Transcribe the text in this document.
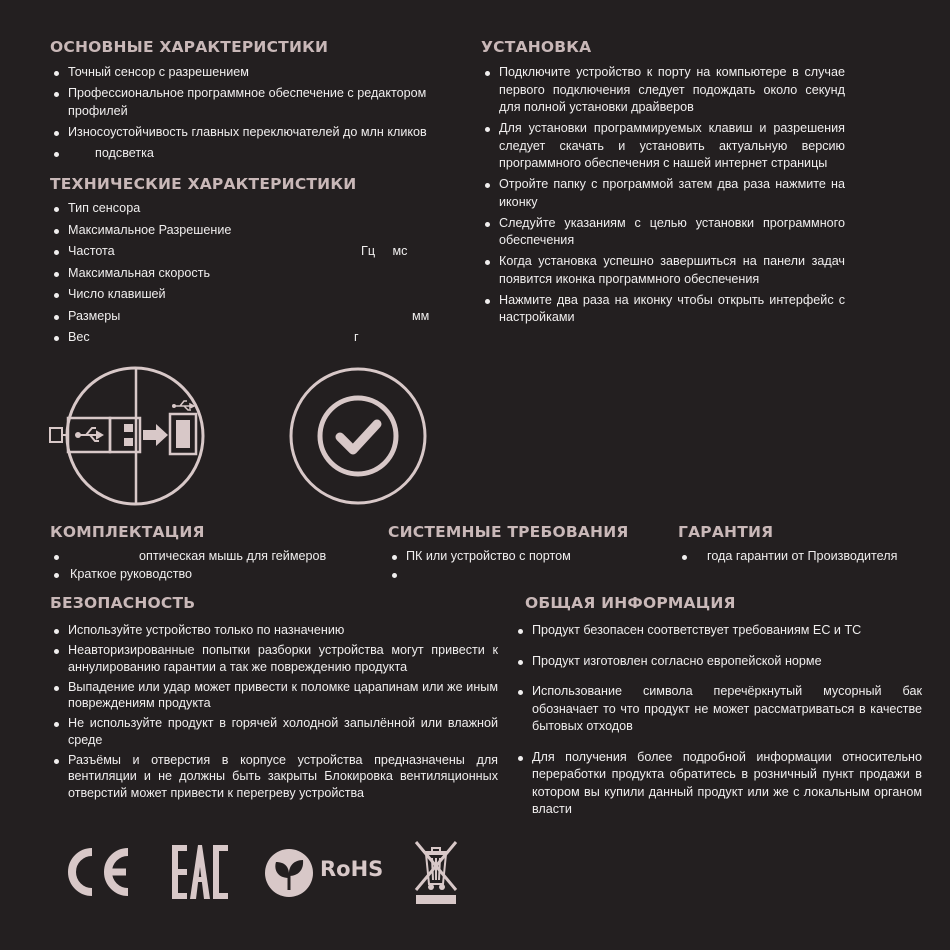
ОСНОВНЫЕ ХАРАКТЕРИСТИКИ
Точный сенсор с разрешением
Профессиональное программное обеспечение с редактором профилей
Износоустойчивость главных переключателей до млн кликов
подсветка
ТЕХНИЧЕСКИЕ ХАРАКТЕРИСТИКИ
Тип сенсора
Максимальное Разрешение
Частота	Гц     мс
Максимальная скорость
Число клавишей
Размеры	мм
Вес	г
УСТАНОВКА
Подключите устройство к порту на компьютере в случае первого подключения следует подождать около секунд для полной установки драйверов
Для установки программируемых клавиш и разрешения следует скачать и установить актуальную версию программного обеспечения с нашей интернет страницы
Отройте папку с программой затем два раза нажмите на иконку
Следуйте указаниям с целью установки программного обеспечения
Когда установка успешно завершиться на панели задач появится иконка программного обеспечения
Нажмите два раза на иконку чтобы открыть интерфейс с настройками
КОМПЛЕКТАЦИЯ
оптическая мышь для геймеров
Краткое руководство
СИСТЕМНЫЕ ТРЕБОВАНИЯ
ПК или устройство с портом

ГАРАНТИЯ
года гарантии от Производителя
БЕЗОПАСНОСТЬ
Используйте устройство только по назначению
Неавторизированные попытки разборки устройства могут привести к аннулированию гарантии а так же повреждению продукта
Выпадение или удар может привести к поломке царапинам или же иным повреждениям продукта
Не используйте продукт в горячей холодной запылённой или влажной среде
Разъёмы и отверстия в корпусе устройства предназначены для вентиляции и не должны быть закрыты Блокировка вентиляционных отверстий может привести к перегреву устройства
ОБЩАЯ ИНФОРМАЦИЯ
Продукт безопасен соответствует требованиям ЕС и ТС
Продукт изготовлен согласно европейской норме
Использование символа перечёркнутый мусорный бак обозначает то что продукт не может рассматриваться в качестве бытовых отходов
Для получения более подробной информации относительно переработки продукта обратитесь в розничный пункт продажи в котором вы купили данный продукт или же с локальным органом власти
RoHS
